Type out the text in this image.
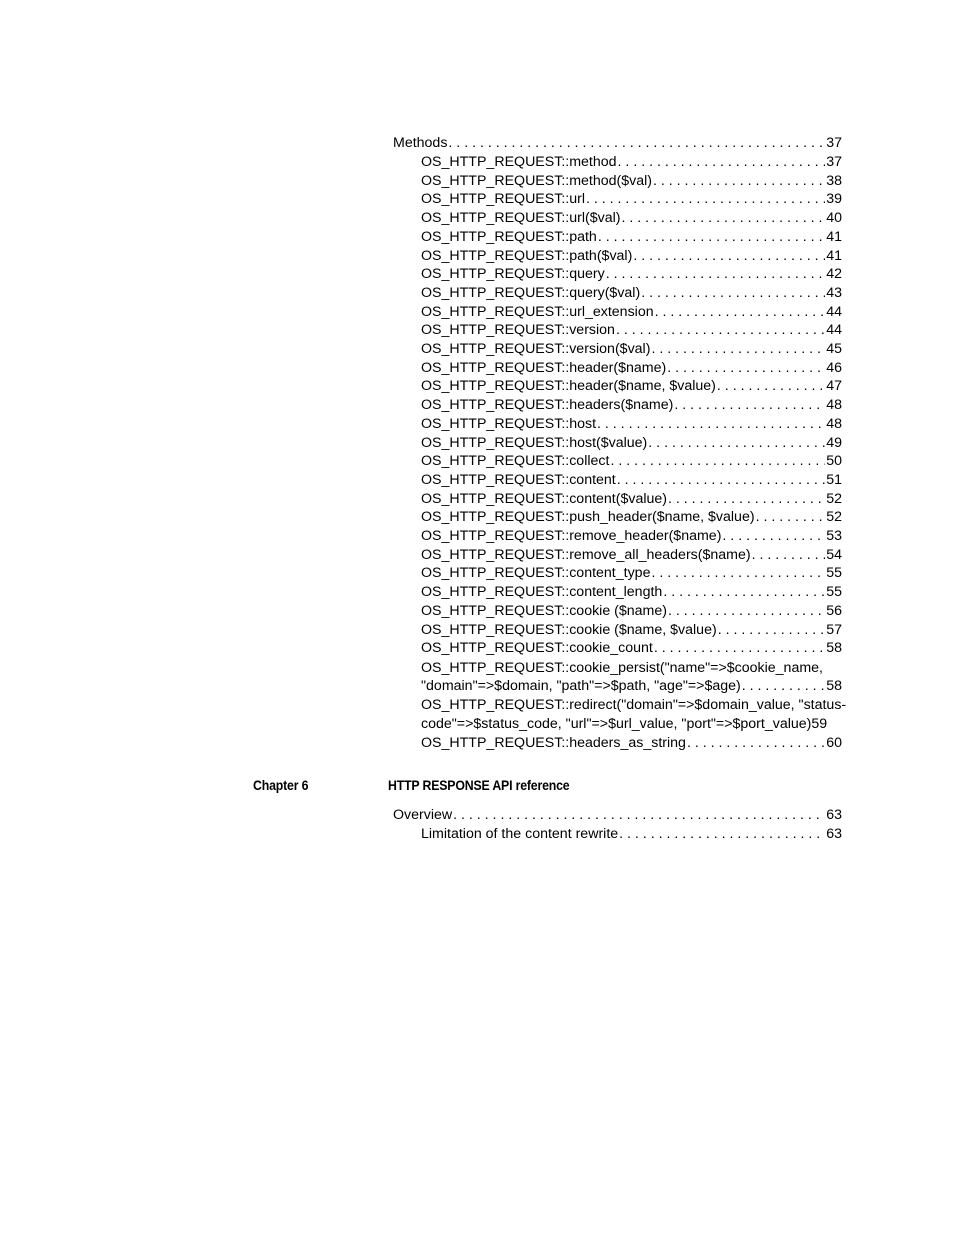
Methods . . .	37
OS_HTTP_REQUEST::method . . .	37
OS_HTTP_REQUEST::method($val) . . .	38
OS_HTTP_REQUEST::url . . .	39
OS_HTTP_REQUEST::url($val) . . .	40
OS_HTTP_REQUEST::path . . .	41
OS_HTTP_REQUEST::path($val) . . .	41
OS_HTTP_REQUEST::query . . .	42
OS_HTTP_REQUEST::query($val) . . .	43
OS_HTTP_REQUEST::url_extension . . .	44
OS_HTTP_REQUEST::version . . .	44
OS_HTTP_REQUEST::version($val) . . .	45
OS_HTTP_REQUEST::header($name) . . .	46
OS_HTTP_REQUEST::header($name, $value) . . .	47
OS_HTTP_REQUEST::headers($name) . . .	48
OS_HTTP_REQUEST::host . . .	48
OS_HTTP_REQUEST::host($value) . . .	49
OS_HTTP_REQUEST::collect . . .	50
OS_HTTP_REQUEST::content . . .	51
OS_HTTP_REQUEST::content($value) . . .	52
OS_HTTP_REQUEST::push_header($name, $value) . . .	52
OS_HTTP_REQUEST::remove_header($name) . . .	53
OS_HTTP_REQUEST::remove_all_headers($name) . . .	54
OS_HTTP_REQUEST::content_type . . .	55
OS_HTTP_REQUEST::content_length . . .	55
OS_HTTP_REQUEST::cookie ($name) . . .	56
OS_HTTP_REQUEST::cookie ($name, $value) . . .	57
OS_HTTP_REQUEST::cookie_count . . .	58
OS_HTTP_REQUEST::cookie_persist("name"=>$cookie_name,
"domain"=>$domain, "path"=>$path, "age"=>$age) . . .	58
OS_HTTP_REQUEST::redirect("domain"=>$domain_value, "status-
code"=>$status_code, "url"=>$url_value, "port"=>$port_value)59
OS_HTTP_REQUEST::headers_as_string . . .	60
Chapter 6	HTTP RESPONSE API reference
Overview . . .	63
Limitation of the content rewrite . . .	63
